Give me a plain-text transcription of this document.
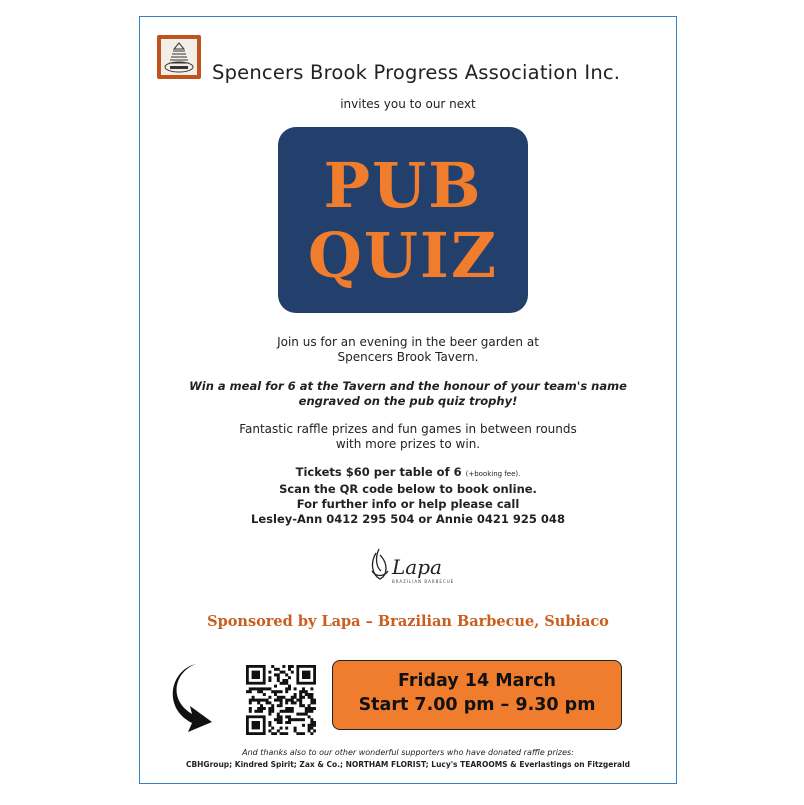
Spencers Brook Progress Association Inc.
invites you to our next
PUB
QUIZ
Join us for an evening in the beer garden at
Spencers Brook Tavern.
Win a meal for 6 at the Tavern and the honour of your team's name
engraved on the pub quiz trophy!
Fantastic raffle prizes and fun games in between rounds
with more prizes to win.
Tickets $60 per table of 6 (+booking fee).
Scan the QR code below to book online.
For further info or help please call
Lesley-Ann 0412 295 504 or Annie 0421 925 048
Lapa
BRAZILIAN BARBECUE
Sponsored by Lapa – Brazilian Barbecue, Subiaco
Friday 14 March
Start 7.00 pm – 9.30 pm
And thanks also to our other wonderful supporters who have donated raffle prizes:
CBHGroup; Kindred Spirit; Zax & Co.; NORTHAM FLORIST; Lucy's TEAROOMS & Everlastings on Fitzgerald
